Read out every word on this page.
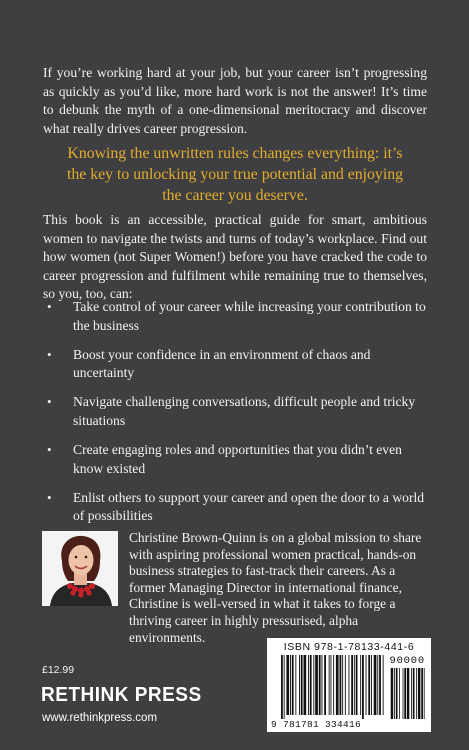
If you’re working hard at your job, but your career isn’t progressing as quickly as you’d like, more hard work is not the answer! It’s time to debunk the myth of a one-dimensional meritocracy and discover what really drives career progression.

Knowing the unwritten rules changes everything: it’s the key to unlocking your true potential and enjoying the career you deserve.

This book is an accessible, practical guide for smart, ambitious women to navigate the twists and turns of today’s workplace. Find out how women (not Super Women!) before you have cracked the code to career progression and fulfilment while remaining true to themselves, so you, too, can:

• Take control of your career while increasing your contribution to the business
• Boost your confidence in an environment of chaos and uncertainty
• Navigate challenging conversations, difficult people and tricky situations
• Create engaging roles and opportunities that you didn’t even know existed
• Enlist others to support your career and open the door to a world of possibilities

Christine Brown-Quinn is on a global mission to share with aspiring professional women practical, hands-on business strategies to fast-track their careers. As a former Managing Director in international finance, Christine is well-versed in what it takes to forge a thriving career in highly pressurised, alpha environments.

£12.99
RETHINK PRESS
www.rethinkpress.com
ISBN 978-1-78133-441-6
90000
9 781781 334416
